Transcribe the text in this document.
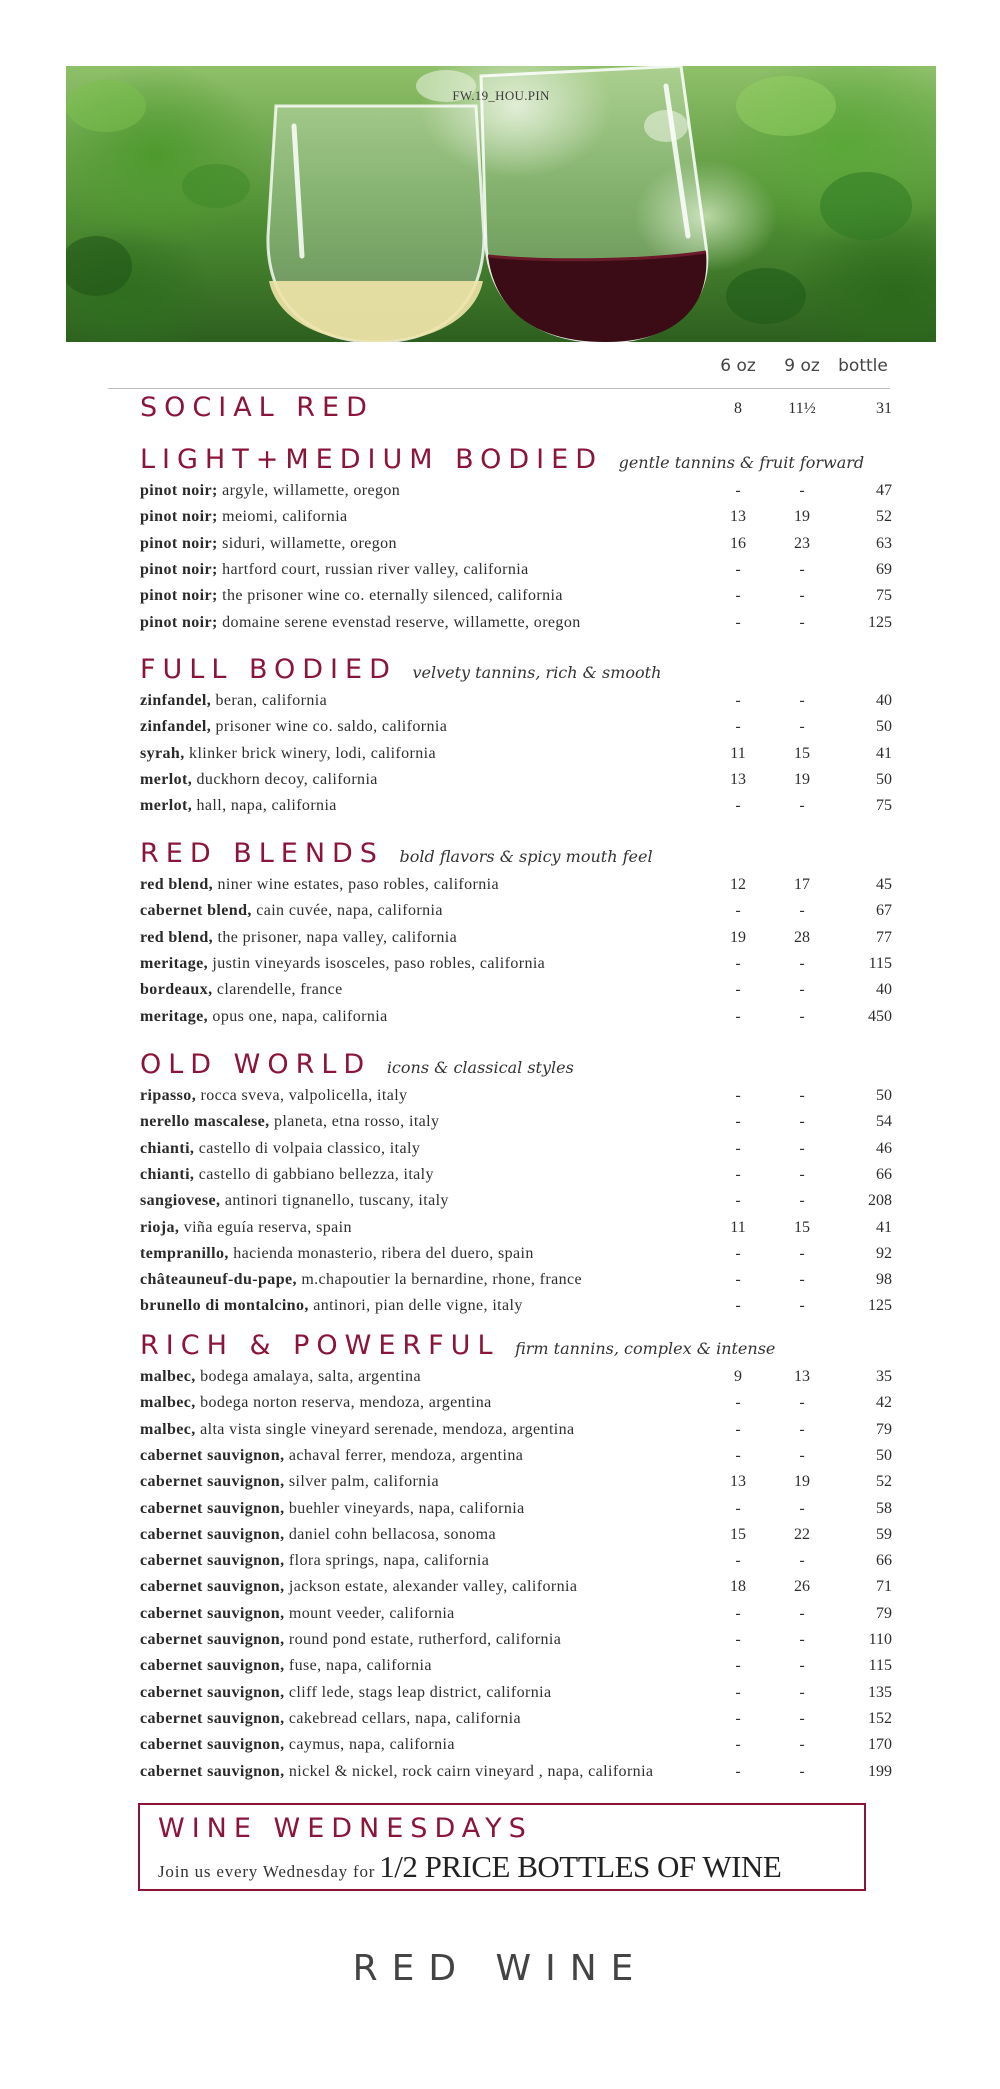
FW.19_HOU.PIN
6 oz	9 oz	bottle
SOCIAL RED	8	11½	31
LIGHT+MEDIUM BODIED gentle tannins & fruit forward
pinot noir; argyle, willamette, oregon	-	-	47
pinot noir; meiomi, california	13	19	52
pinot noir; siduri, willamette, oregon	16	23	63
pinot noir; hartford court, russian river valley, california	-	-	69
pinot noir; the prisoner wine co. eternally silenced, california	-	-	75
pinot noir; domaine serene evenstad reserve, willamette, oregon	-	-	125
FULL BODIED velvety tannins, rich & smooth
zinfandel, beran, california	-	-	40
zinfandel, prisoner wine co. saldo, california	-	-	50
syrah, klinker brick winery, lodi, california	11	15	41
merlot, duckhorn decoy, california	13	19	50
merlot, hall, napa, california	-	-	75
RED BLENDS bold flavors & spicy mouth feel
red blend, niner wine estates, paso robles, california	12	17	45
cabernet blend, cain cuvée, napa, california	-	-	67
red blend, the prisoner, napa valley, california	19	28	77
meritage, justin vineyards isosceles, paso robles, california	-	-	115
bordeaux, clarendelle, france	-	-	40
meritage, opus one, napa, california	-	-	450
OLD WORLD icons & classical styles
ripasso, rocca sveva, valpolicella, italy	-	-	50
nerello mascalese, planeta, etna rosso, italy	-	-	54
chianti, castello di volpaia classico, italy	-	-	46
chianti, castello di gabbiano bellezza, italy	-	-	66
sangiovese, antinori tignanello, tuscany, italy	-	-	208
rioja, viña eguía reserva, spain	11	15	41
tempranillo, hacienda monasterio, ribera del duero, spain	-	-	92
châteauneuf-du-pape, m.chapoutier la bernardine, rhone, france	-	-	98
brunello di montalcino, antinori, pian delle vigne, italy	-	-	125
RICH & POWERFUL firm tannins, complex & intense
malbec, bodega amalaya, salta, argentina	9	13	35
malbec, bodega norton reserva, mendoza, argentina	-	-	42
malbec, alta vista single vineyard serenade, mendoza, argentina	-	-	79
cabernet sauvignon, achaval ferrer, mendoza, argentina	-	-	50
cabernet sauvignon, silver palm, california	13	19	52
cabernet sauvignon, buehler vineyards, napa, california	-	-	58
cabernet sauvignon, daniel cohn bellacosa, sonoma	15	22	59
cabernet sauvignon, flora springs, napa, california	-	-	66
cabernet sauvignon, jackson estate, alexander valley, california	18	26	71
cabernet sauvignon, mount veeder, california	-	-	79
cabernet sauvignon, round pond estate, rutherford, california	-	-	110
cabernet sauvignon, fuse, napa, california	-	-	115
cabernet sauvignon, cliff lede, stags leap district, california	-	-	135
cabernet sauvignon, cakebread cellars, napa, california	-	-	152
cabernet sauvignon, caymus, napa, california	-	-	170
cabernet sauvignon, nickel & nickel, rock cairn vineyard , napa, california	-	-	199
WINE WEDNESDAYS
Join us every Wednesday for 1/2 PRICE BOTTLES OF WINE
RED WINE
